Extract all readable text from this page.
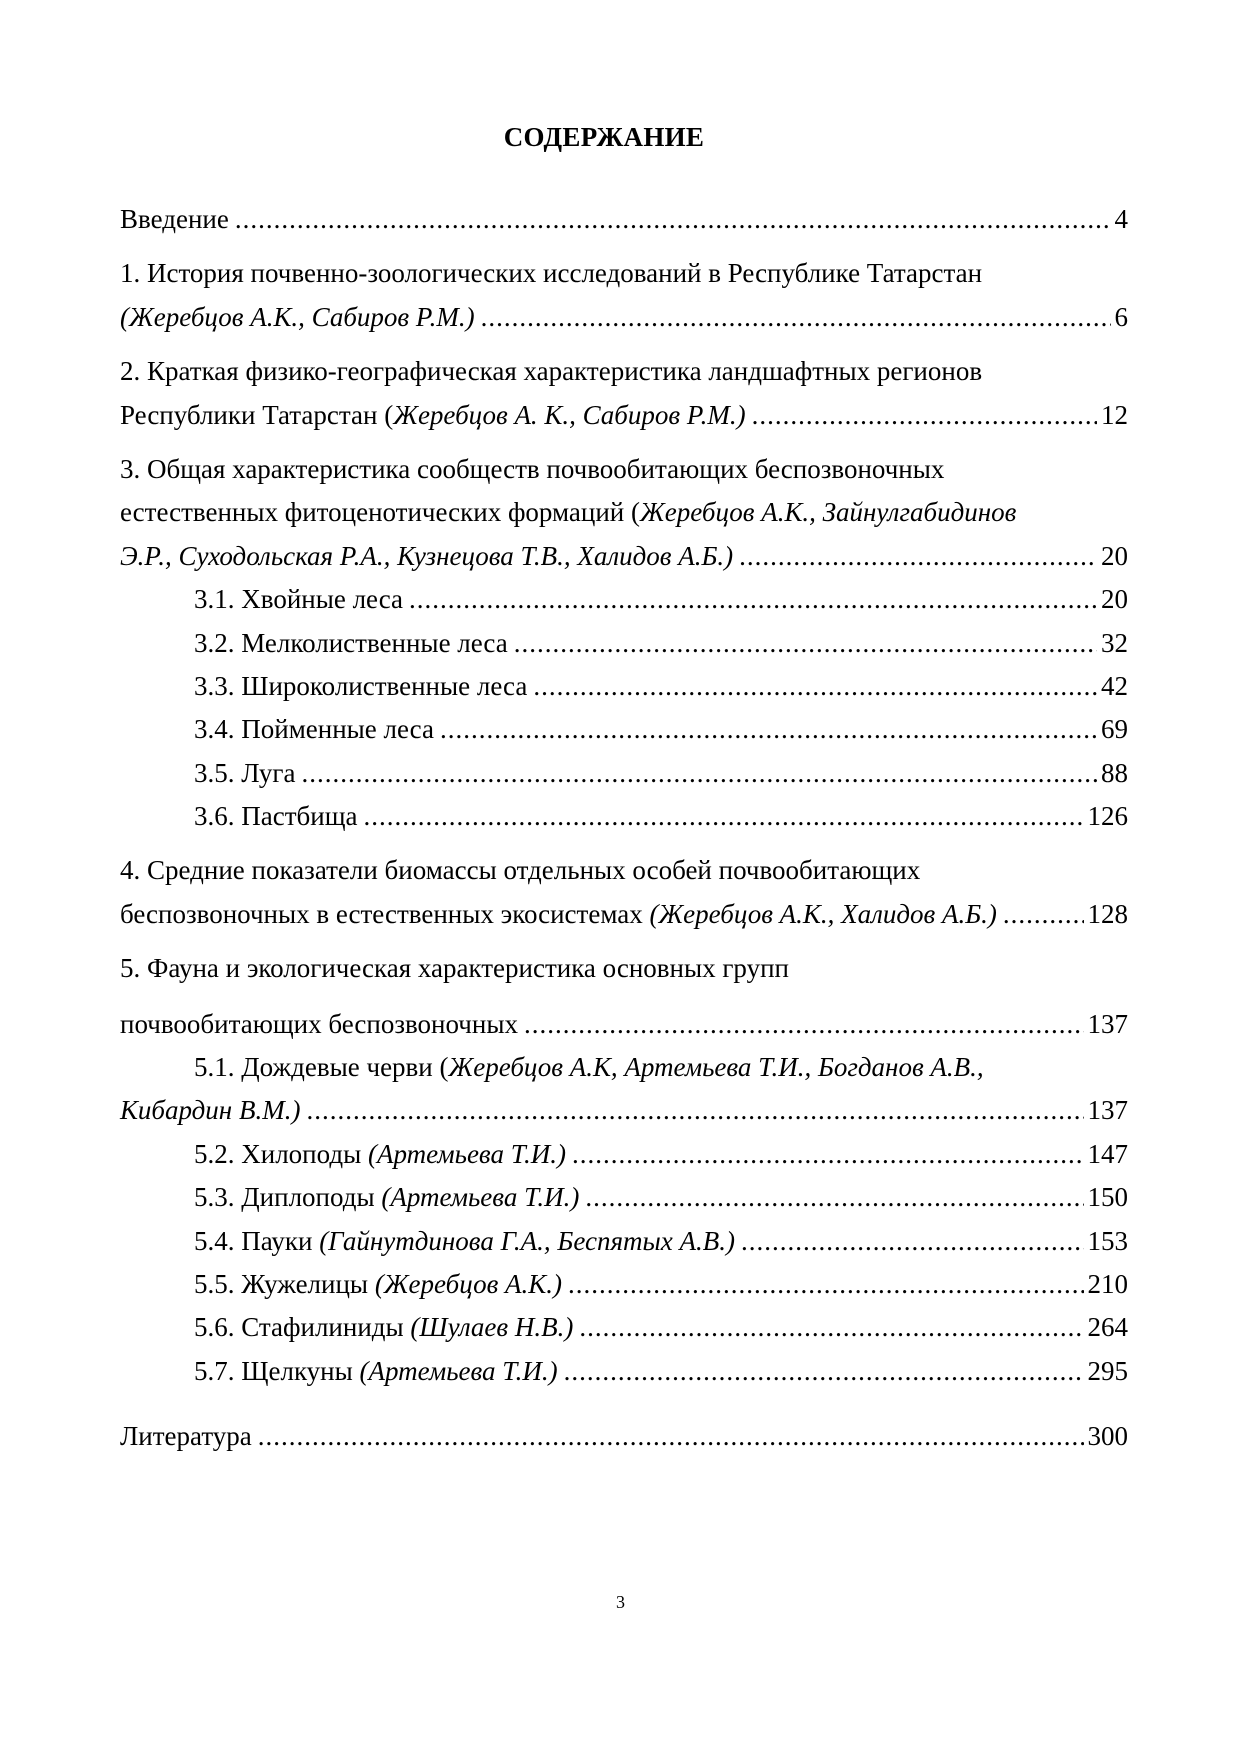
СОДЕРЖАНИЕ
Введение .....	4
1. История почвенно-зоологических исследований в Республике Татарстан
(Жеребцов А.К., Сабиров Р.М.) .....	6
2. Краткая физико-географическая характеристика ландшафтных регионов
Республики Татарстан (Жеребцов А. К., Сабиров Р.М.) .....	12
3. Общая характеристика сообществ почвообитающих беспозвоночных
естественных фитоценотических формаций (Жеребцов А.К., Зайнулгабидинов
Э.Р., Суходольская Р.А., Кузнецова Т.В., Халидов А.Б.) .....	20
3.1. Хвойные леса .....	20
3.2. Мелколиственные леса .....	32
3.3. Широколиственные леса .....	42
3.4. Пойменные леса .....	69
3.5. Луга .....	88
3.6. Пастбища .....	126
4. Средние показатели биомассы отдельных особей почвообитающих
беспозвоночных в естественных экосистемах (Жеребцов А.К., Халидов А.Б.) .....	128
5. Фауна и экологическая характеристика основных групп
почвообитающих беспозвоночных .....	137
5.1. Дождевые черви (Жеребцов А.К, Артемьева Т.И., Богданов А.В.,
Кибардин В.М.) .....	137
5.2. Хилоподы (Артемьева Т.И.) .....	147
5.3. Диплоподы (Артемьева Т.И.) .....	150
5.4. Пауки (Гайнутдинова Г.А., Беспятых А.В.) .....	153
5.5. Жужелицы (Жеребцов А.К.) .....	210
5.6. Стафилиниды (Шулаев Н.В.) .....	264
5.7. Щелкуны (Артемьева Т.И.) .....	295
Литература .....	300
3
